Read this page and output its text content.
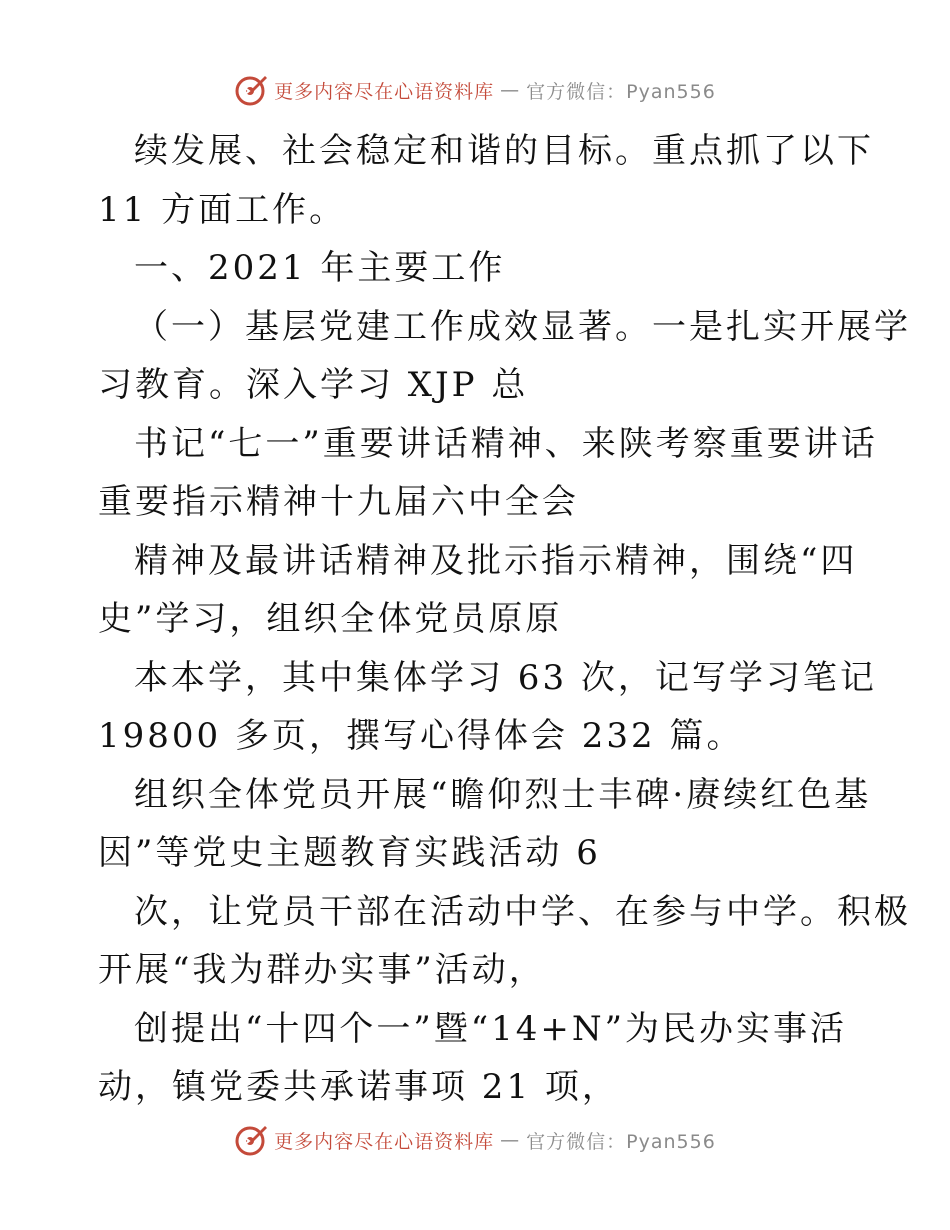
更多内容尽在心语资料库 — 官方微信：Pyan556
续发展、社会稳定和谐的目标。重点抓了以下
11 方面工作。
一、2021 年主要工作
（一）基层党建工作成效显著。一是扎实开展学
习教育。深入学习 XJP 总
书记“七一”重要讲话精神、来陕考察重要讲话
重要指示精神十九届六中全会
精神及最讲话精神及批示指示精神，围绕“四
史”学习，组织全体党员原原
本本学，其中集体学习 63 次，记写学习笔记
19800 多页，撰写心得体会 232 篇。
组织全体党员开展“瞻仰烈士丰碑·赓续红色基
因”等党史主题教育实践活动 6
次，让党员干部在活动中学、在参与中学。积极
开展“我为群办实事”活动，
创提出“十四个一”暨“14+N”为民办实事活
动，镇党委共承诺事项 21 项，
更多内容尽在心语资料库 — 官方微信：Pyan556
